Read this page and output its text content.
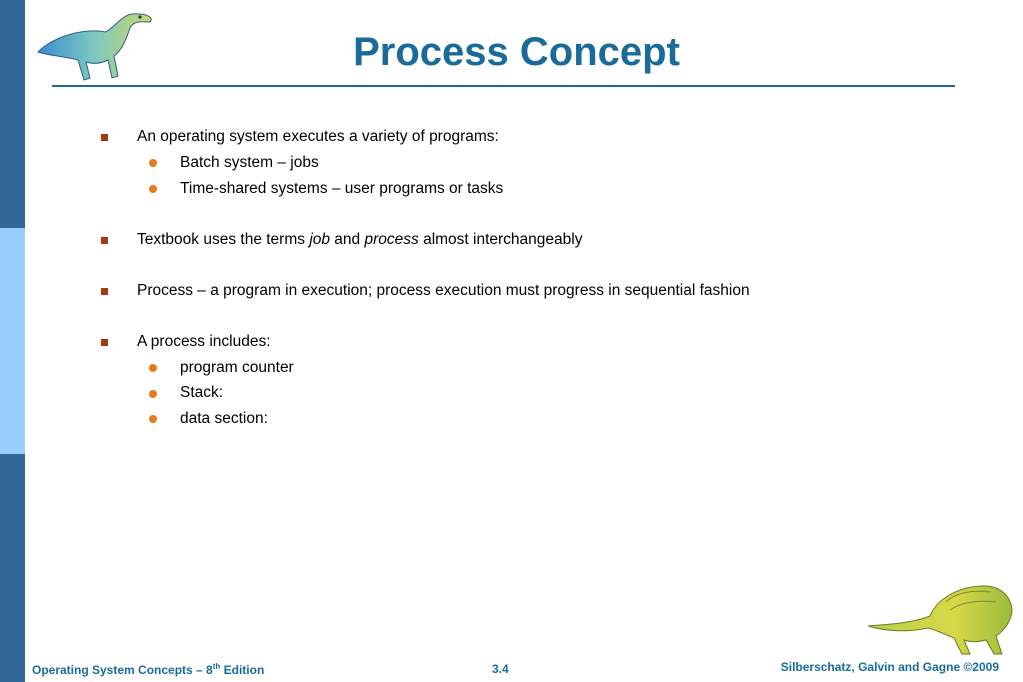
Process Concept
An operating system executes a variety of programs:
Batch system – jobs
Time-shared systems – user programs or tasks
Textbook uses the terms job and process almost interchangeably
Process – a program in execution; process execution must progress in sequential fashion
A process includes:
program counter
Stack:
data section:
Operating System Concepts – 8th Edition	3.4	Silberschatz, Galvin and Gagne ©2009
